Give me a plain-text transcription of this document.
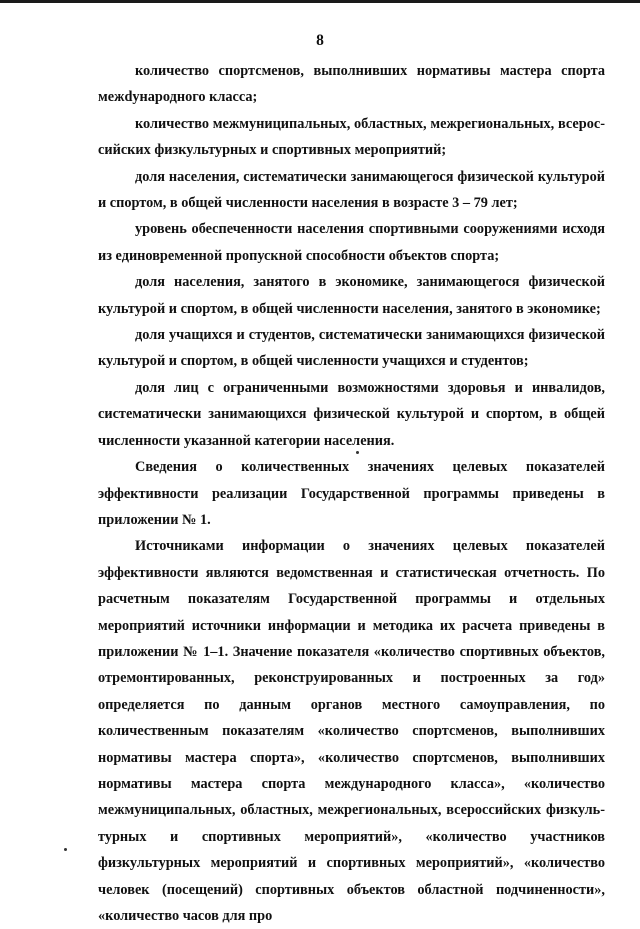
8

количество спортсменов, выполнивших нормативы мастера спорта межdународного класса;

количество межмуниципальных, областных, межрегиональных, всероссийских физкультурных и спортивных мероприятий;

доля населения, систематически занимающегося физической культурой и спортом, в общей численности населения в возрасте 3 – 79 лет;

уровень обеспеченности населения спортивными сооружениями исходя из единовременной пропускной способности объектов спорта;

доля населения, занятого в экономике, занимающегося физической культурой и спортом, в общей численности населения, занятого в экономике;

доля учащихся и студентов, систематически занимающихся физической культурой и спортом, в общей численности учащихся и студентов;

доля лиц с ограниченными возможностями здоровья и инвалидов, систематически занимающихся физической культурой и спортом, в общей численности указанной категории населения.

Сведения о количественных значениях целевых показателей эффективности реализации Государственной программы приведены в приложении № 1.

Источниками информации о значениях целевых показателей эффективности являются ведомственная и статистическая отчетность. По расчетным показателям Государственной программы и отдельных мероприятий источники информации и методика их расчета приведены в приложении № 1–1. Значение показателя «количество спортивных объектов, отремонтированных, реконструированных и построенных за год» определяется по данным органов местного самоуправления, по количественным показателям «количество спортсменов, выполнивших нормативы мастера спорта», «количество спортсменов, выполнивших нормативы мастера спорта международного класса», «количество межмуниципальных, областных, межрегиональных, всероссийских физкультурных и спортивных мероприятий», «количество участников физкультурных мероприятий и спортивных мероприятий», «количество человек (посещений) спортивных объектов областной подчиненности», «количество часов для про
